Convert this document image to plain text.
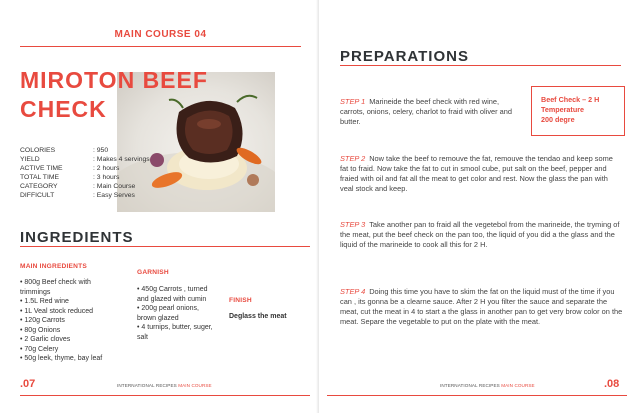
MAIN COURSE 04
MIROTON BEEF
CHECK
COLORIES	: 950
YIELD	: Makes 4 servings
ACTIVE TIME	: 2 hours
TOTAL TIME	: 3 hours
CATEGORY	: Main Course
DIFFICULT	: Easy Serves
INGREDIENTS
MAIN INGREDIENTS
• 800g Beef check with trimmings
• 1.5L Red wine
• 1L Veal stock reduced
• 120g Carrots
• 80g Onions
• 2 Garlic cloves
• 70g Celery
• 50g leek, thyme, bay leaf
GARNISH
• 450g Carrots , turned and glazed with cumin
• 200g pearl onions, brown glazed
• 4 turnips, butter, suger, salt
FINISH
Deglass the meat
.07	INTERNATIONAL RECIPES MAIN COURSE
PREPARATIONS
Beef Check – 2 H
Temperature
200 degre
STEP 1 Marineide the beef check with red wine, carrots, onions, celery, charlot to fraid with oliver and butter.
STEP 2 Now take the beef to remouve the fat, remouve the tendao and keep some fat to fraid. Now take the fat to cut in smool cube, put salt on the beef, pepper and fraied with oil and fat all the meat to get color and rest. Now the glass the pan with veal stock and keep.
STEP 3 Take another pan to fraid all the vegetebol from the marineide, the tryming of the meat, put the beef check on the pan too, the liquid of you did a the glass and the liquid of the marineide to cook all this for 2 H.
STEP 4 Doing this time you have to skim the fat on the liquid must of the time if you can , its gonna be a clearne sauce. After 2 H you filter the sauce and separate the meat, cut the meat in 4 to start a the glass in another pan to get very brow color on the meat. Separe the vegetable to put on the plate with the meat.
INTERNATIONAL RECIPES MAIN COURSE	.08
